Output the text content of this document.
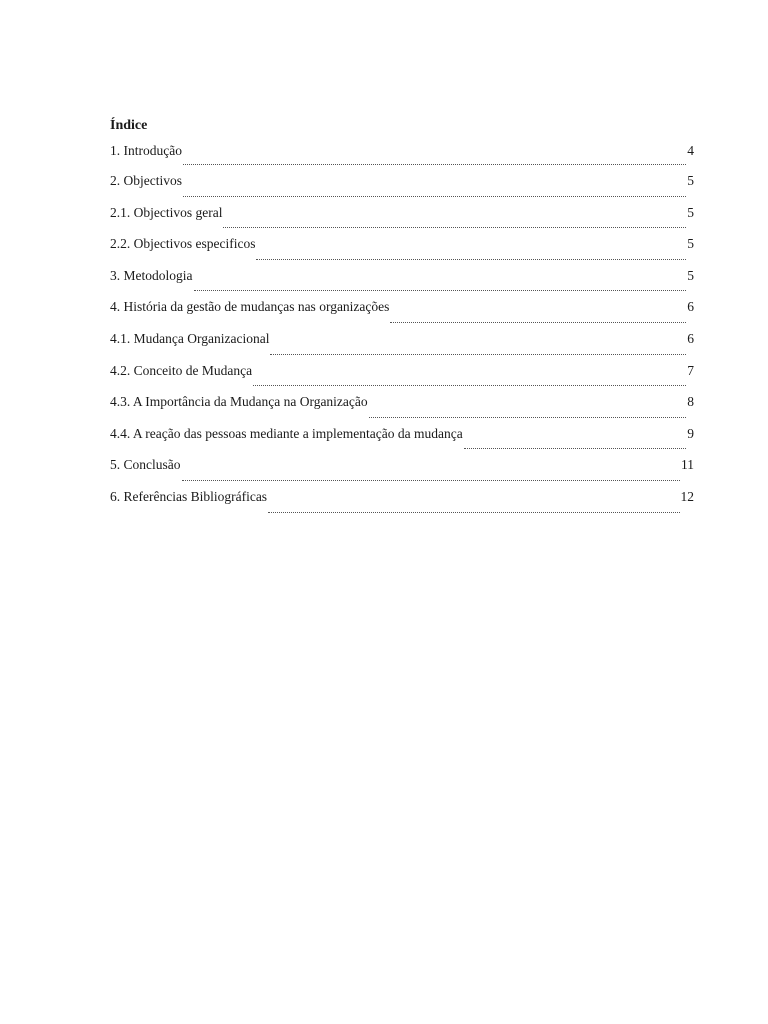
Índice
1. Introdução	4
2. Objectivos	5
2.1. Objectivos geral	5
2.2. Objectivos especificos	5
3. Metodologia	5
4. História da gestão de mudanças nas organizações	6
4.1. Mudança Organizacional	6
4.2. Conceito de Mudança	7
4.3. A Importância da Mudança na Organização	8
4.4. A reação das pessoas mediante a implementação da mudança	9
5. Conclusão	11
6. Referências Bibliográficas	12
